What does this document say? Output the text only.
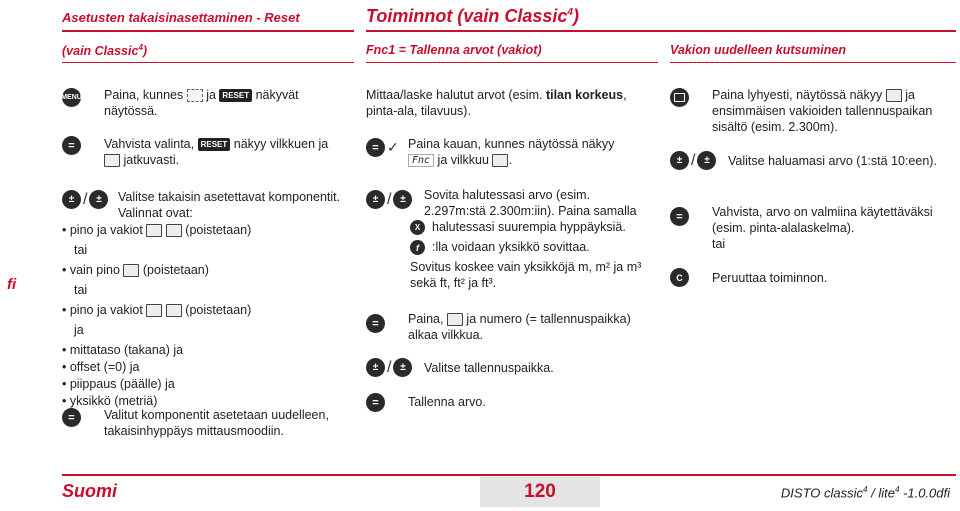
Asetusten takaisinasettaminen - Reset	Toiminnot (vain Classic$^4$)
(vain Classic$^4$)	Fnc1 = Tallenna arvot (vakiot)	Vakion uudelleen kutsuminen
fi
MENU Paina, kunnes ja RESET näkyvät
näytössä.
=	Vahvista valinta, RESET näkyy vilkkuen ja
jatkuvasti.
± / ±	Valitse takaisin asetettavat komponentit.
Valinnat ovat:
• pino ja vakiot	(poistetaan)
tai
• vain pino (poistetaan)
tai
• pino ja vakiot	(poistetaan)
ja
• mittataso (takana) ja
• offset (=0) ja
• piippaus (päälle) ja
• yksikkö (metriä)
=	Valitut komponentit asetetaan uudelleen,
takaisinhyppäys mittausmoodiin.
Mittaa/laske halutut arvot (esim. tilan korkeus,
pinta-ala, tilavuus).
= ✓ Paina kauan, kunnes näytössä näkyy
Fnc ja vilkkuu .
± / ±	Sovita halutessasi arvo (esim.
2.297m:stä 2.300m:iin). Paina samalla
X halutessasi suurempia hyppäyksiä.
f	:lla voidaan yksikkö sovittaa.
Sovitus koskee vain yksikköjä m, m² ja m³
sekä ft, ft² ja ft³.
=	Paina, ja numero (= tallennuspaikka)
alkaa vilkkua.
± / ±	Valitse tallennuspaikka.
=	Tallenna arvo.
Paina lyhyesti, näytössä näkyy ja
ensimmäisen vakioiden tallennuspaikan
sisältö (esim. 2.300m).
± / ±	Valitse haluamasi arvo (1:stä 10:een).
=	Vahvista, arvo on valmiina käytettäväksi
(esim. pinta-alalaskelma).
tai
C	Peruuttaa toiminnon.
Suomi	120	DISTO classic$^4$ / lite$^4$ -1.0.0dfi
